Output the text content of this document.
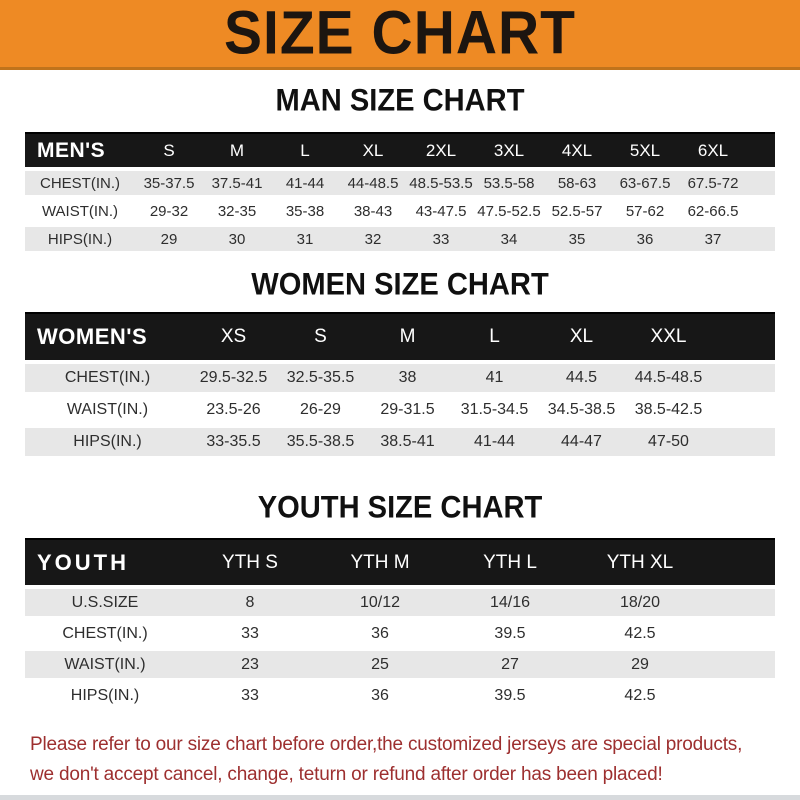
SIZE CHART
MAN SIZE CHART
MEN'S	S	M	L	XL	2XL	3XL	4XL	5XL	6XL
CHEST(IN.)	35-37.5	37.5-41	41-44	44-48.5 48.5-53.5 53.5-58	58-63	63-67.5	67.5-72
WAIST(IN.)	29-32	32-35	35-38	38-43	43-47.5 47.5-52.5 52.5-57	57-62	62-66.5
HIPS(IN.)	29	30	31	32	33	34	35	36	37
WOMEN SIZE CHART
WOMEN'S	XS	S	M	L	XL	XXL
CHEST(IN.)	29.5-32.5	32.5-35.5	38	41	44.5	44.5-48.5
WAIST(IN.)	23.5-26	26-29	29-31.5	31.5-34.5	34.5-38.5	38.5-42.5
HIPS(IN.)	33-35.5	35.5-38.5	38.5-41	41-44	44-47	47-50
YOUTH SIZE CHART
YOUTH	YTH S	YTH M	YTH L	YTH XL
U.S.SIZE	8	10/12	14/16	18/20
CHEST(IN.)	33	36	39.5	42.5
WAIST(IN.)	23	25	27	29
HIPS(IN.)	33	36	39.5	42.5
Please refer to our size chart before order,the customized jerseys are special products,
we don't accept cancel, change, teturn or refund after order has been placed!
